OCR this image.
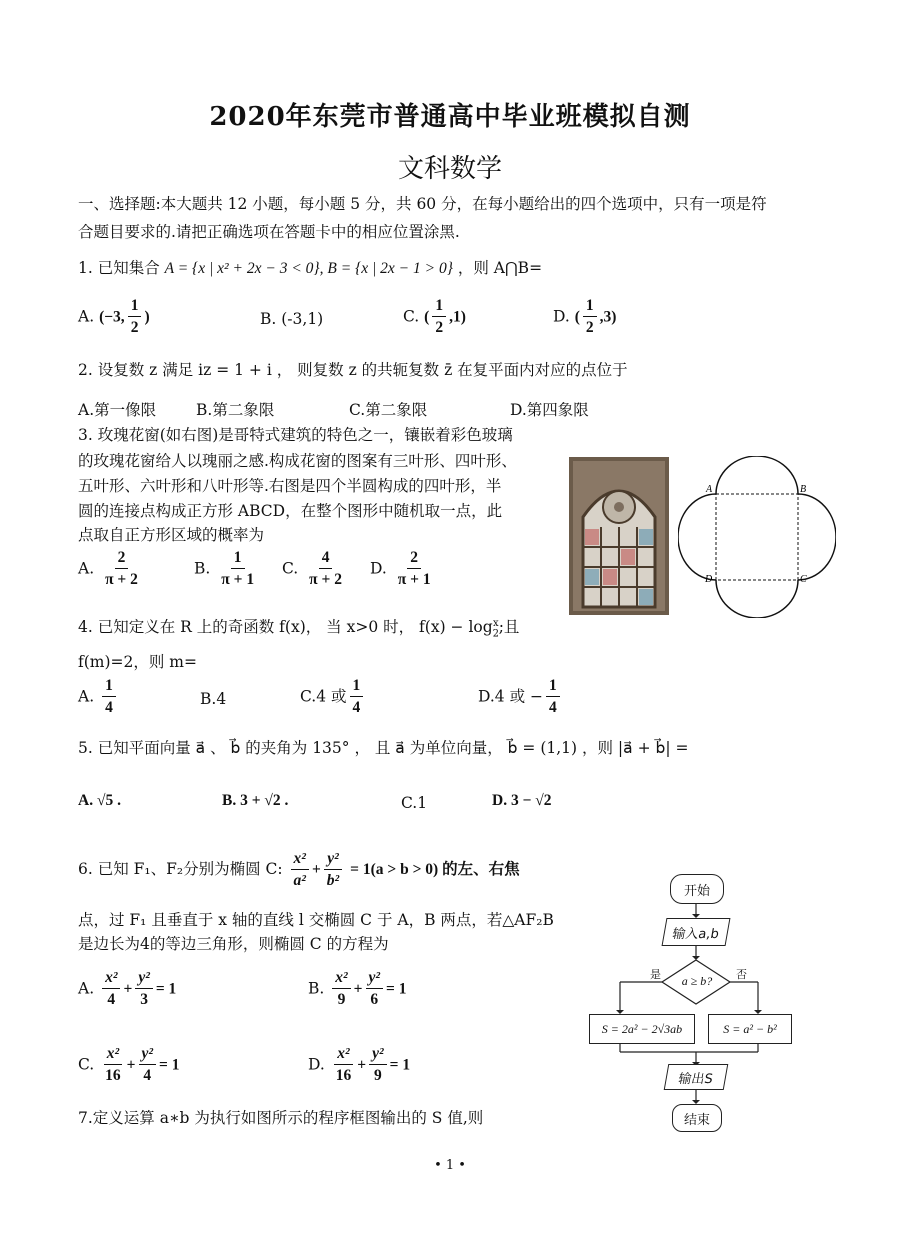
2020年东莞市普通高中毕业班模拟自测
文科数学
一、选择题:本大题共 12 小题，每小题 5 分，共 60 分，在每小题给出的四个选项中，只有一项是符
合题目要求的.请把正确选项在答题卡中的相应位置涂黑.
1. 已知集合 A = {x | x² + 2x − 3 < 0}, B = {x | 2x − 1 > 0} ，则 A⋂B=
A. (−3, $\frac{1}{2}$ )	B. (-3,1)	C. ( $\frac{1}{2} ,1$)	D. ( $\frac{1}{2} ,3$)
2. 设复数 z 满足 iz = 1 + i ， 则复数 z 的共轭复数 z̄ 在复平面内对应的点位于
A.第一像限	B.第二象限	C.第二象限	D.第四象限
3. 玫瑰花窗(如右图)是哥特式建筑的特色之一，镶嵌着彩色玻璃
的玫瑰花窗给人以瑰丽之感.构成花窗的图案有三叶形、四叶形、
五叶形、六叶形和八叶形等.右图是四个半圆构成的四叶形，半
圆的连接点构成正方形 ABCD，在整个图形中随机取一点，此
点取自正方形区域的概率为
A. $\frac{2}{\pi + 2}$	B. $\frac{1}{\pi + 1} C$. $\frac{4}{\pi + 2} D$. $\frac{2}{\pi + 1}$
A	B
C
D
4. 已知定义在 R 上的奇函数 f(x)， 当 x>0 时， $f(x) - \log_2^x$;且
f(m)=2，则 m=
A. $\frac{1}{4}$	B.4	C.4 或 $\frac{1}{4}$	D.4 或 − $\frac{1}{4}$
5. 已知平面向量 a⃗ 、 b⃗ 的夹角为 135° ， 且 a⃗ 为单位向量， b⃗ = (1,1) ，则 |a⃗ + b⃗| =
A. √5 .	B. 3 + √2 .	C.1	D. 3 − √2
6. 已知 F₁、F₂分别为椭圆 C: $\frac{\text{x²}}{\text{a²}} + \frac{\text{y²}}{\text{b²}} = 1(a > b > 0)$ 的左、右焦
点，过 F₁ 且垂直于 x 轴的直线 l 交椭圆 C 于 A，B 两点，若△AF₂B
是边长为4的等边三角形，则椭圆 C 的方程为
A. $\frac{\text{x²}}{4} + \frac{\text{y²}}{3} = 1$	B. $\frac{\text{x²}}{9} + \frac{\text{y²}}{6} = 1$
C. $\frac{\text{x²}}{16} + \frac{\text{y²}}{4} = 1$	D. $\frac{\text{x²}}{16} + \frac{\text{y²}}{9} = 1$
7.定义运算 a∗b 为执行如图所示的程序框图输出的 S 值,则
开始
输入a,b
a ≥ b?
是	否
S = 2a² − 2√3ab	S = a² − b²
输出S
结束
• 1 •
